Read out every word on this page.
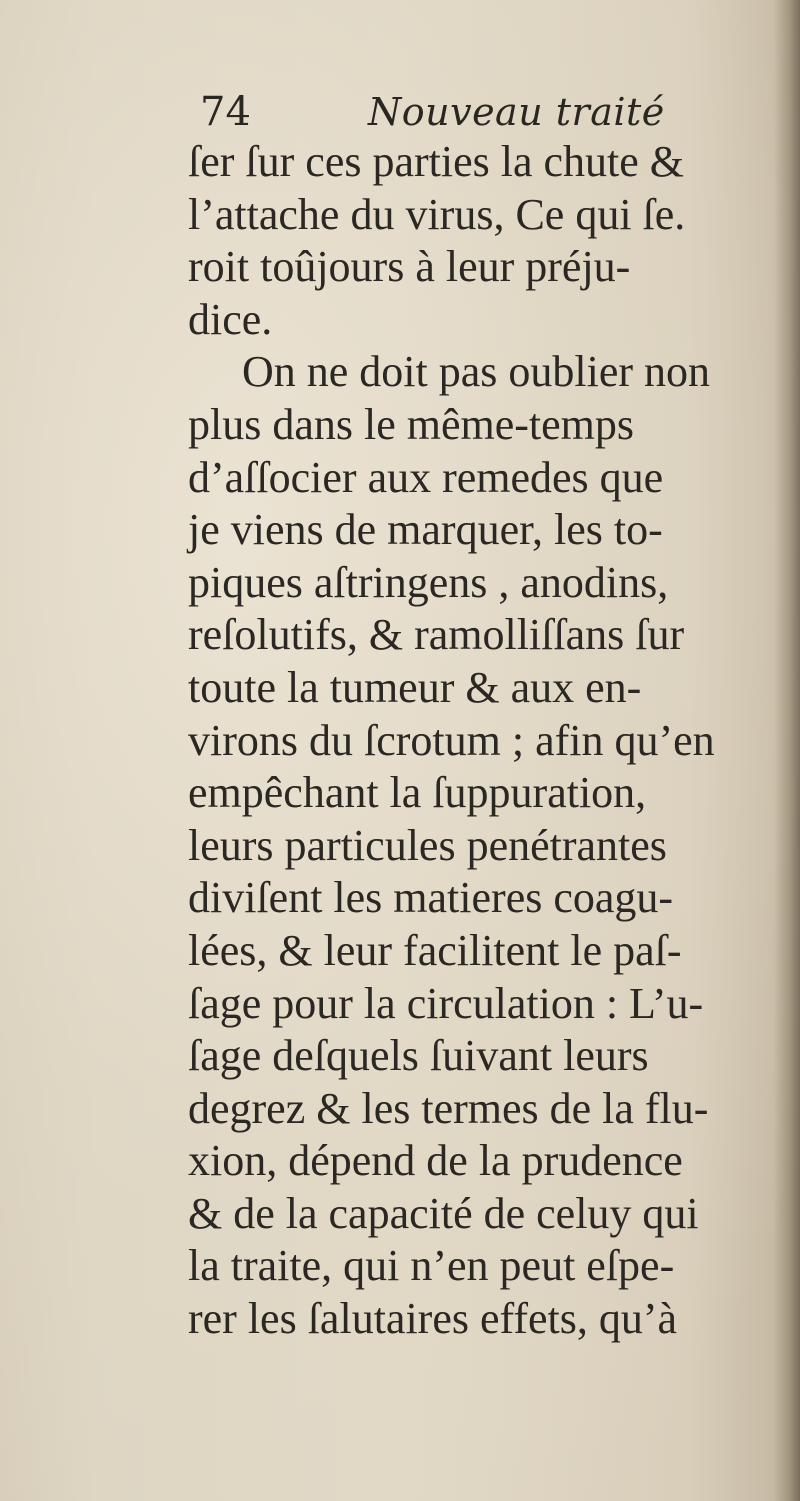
74	Nouveau traité
ſer ſur ces parties la chute &
l’attache du virus, Ce qui ſe.
roit toûjours à leur préju-
dice.
On ne doit pas oublier non
plus dans le même-temps
d’aſſocier aux remedes que
je viens de marquer, les to-
piques aſtringens , anodins,
reſolutifs, & ramolliſſans ſur
toute la tumeur & aux en-
virons du ſcrotum ; afin qu’en
empêchant la ſuppuration,
leurs particules penétrantes
diviſent les matieres coagu-
lées, & leur facilitent le paſ-
ſage pour la circulation : L’u-
ſage deſquels ſuivant leurs
degrez & les termes de la flu-
xion, dépend de la prudence
& de la capacité de celuy qui
la traite, qui n’en peut eſpe-
rer les ſalutaires effets, qu’à
